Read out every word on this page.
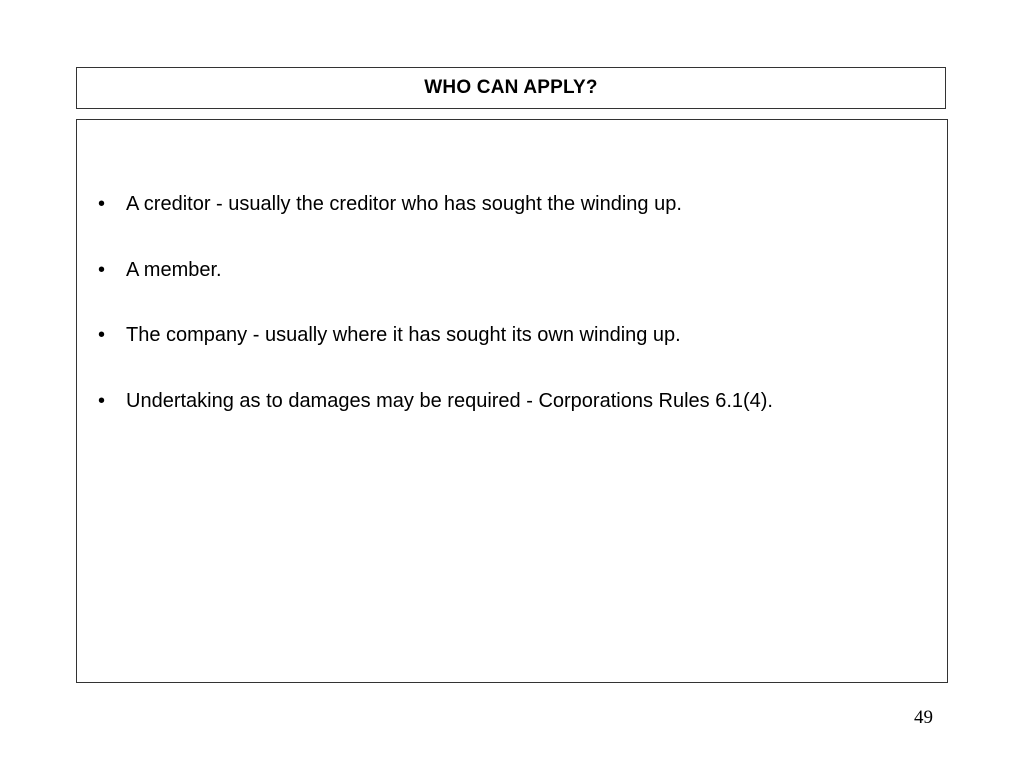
WHO CAN APPLY?
•	A creditor - usually the creditor who has sought the winding up.
•	A member.
•	The company - usually where it has sought its own winding up.
•	Undertaking as to damages may be required - Corporations Rules 6.1(4).
49
